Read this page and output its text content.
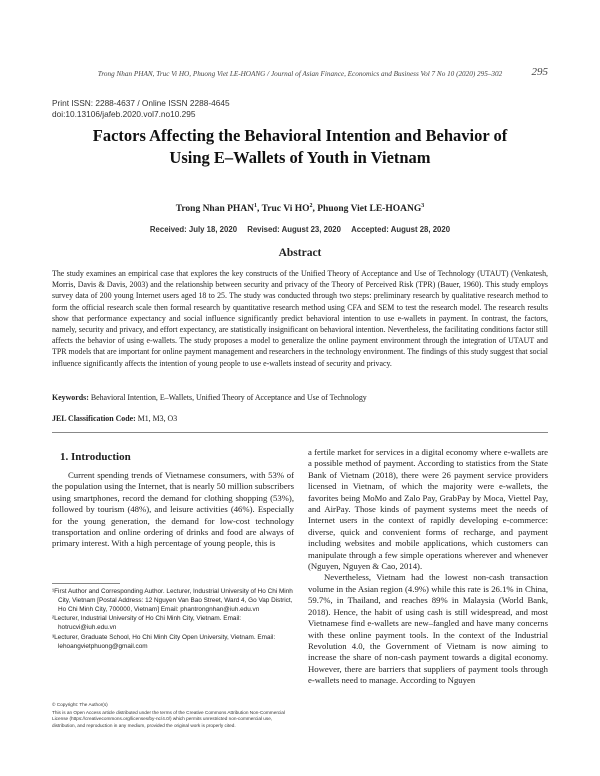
Trong Nhan PHAN, Truc Vi HO, Phuong Viet LE-HOANG / Journal of Asian Finance, Economics and Business Vol 7 No 10 (2020) 295–302	295
Print ISSN: 2288-4637 / Online ISSN 2288-4645
doi:10.13106/jafeb.2020.vol7.no10.295
Factors Affecting the Behavioral Intention and Behavior of
Using E–Wallets of Youth in Vietnam
Trong Nhan PHAN$^1$, Truc Vi $HO^2$, Phuong Viet LE-HOANG$^3$
Received: July 18, 2020 Revised: August 23, 2020 Accepted: August 28, 2020
Abstract
The study examines an empirical case that explores the key constructs of the Unified Theory of Acceptance and Use of Technology (UTAUT) (Venkatesh, Morris, Davis & Davis, 2003) and the relationship between security and privacy of the Theory of Perceived Risk (TPR) (Bauer, 1960). This study employs survey data of 200 young Internet users aged 18 to 25. The study was conducted through two steps: preliminary research by qualitative research method to form the official research scale then formal research by quantitative research method using CFA and SEM to test the research model. The research results show that performance expectancy and social influence significantly predict behavioral intention to use e-wallets in payment. In contrast, the factors, namely, security and privacy, and effort expectancy, are statistically insignificant on behavioral intention. Nevertheless, the facilitating conditions factor still affects the behavior of using e-wallets. The study proposes a model to generalize the online payment environment through the integration of UTAUT and TPR models that are important for online payment management and researchers in the technology environment. The findings of this study suggest that social influence significantly affects the intention of young people to use e-wallets instead of security and privacy.
Keywords: Behavioral Intention, E–Wallets, Unified Theory of Acceptance and Use of Technology
JEL Classification Code: M1, M3, O3
1. Introduction

Current spending trends of Vietnamese consumers, with 53% of the population using the Internet, that is nearly 50 million subscribers using smartphones, record the demand for clothing shopping (53%), followed by tourism (48%), and leisure activities (46%). Especially for the young generation, the demand for low-cost technology transportation and online ordering of drinks and food are always of primary interest. With a high percentage of young people, this is

¹First Author and Corresponding Author. Lecturer, Industrial University of Ho Chi Minh City, Vietnam [Postal Address: 12 Nguyen Van Bao Street, Ward 4, Go Vap District, Ho Chi Minh City, 700000, Vietnam] Email: phantrongnhan@iuh.edu.vn

²Lecturer, Industrial University of Ho Chi Minh City, Vietnam. Email: hotrucvi@iuh.edu.vn

³Lecturer, Graduate School, Ho Chi Minh City Open University, Vietnam. Email: lehoangvietphuong@gmail.com

© Copyright: The Author(s)

This is an Open Access article distributed under the terms of the Creative Commons Attribution Non-Commercial License (https://creativecommons.org/licenses/by-nc/4.0/) which permits unrestricted non-commercial use, distribution, and reproduction in any medium, provided the original work is properly cited.

a fertile market for services in a digital economy where e-wallets are a possible method of payment. According to statistics from the State Bank of Vietnam (2018), there were 26 payment service providers licensed in Vietnam, of which the majority were e-wallets, the favorites being MoMo and Zalo Pay, GrabPay by Moca, Viettel Pay, and AirPay. Those kinds of payment systems meet the needs of Internet users in the context of rapidly developing e-commerce: diverse, quick and convenient forms of recharge, and payment including websites and mobile applications, which customers can manipulate through a few simple operations wherever and whenever (Nguyen, Nguyen & Cao, 2014).

Nevertheless, Vietnam had the lowest non-cash transaction volume in the Asian region (4.9%) while this rate is 26.1% in China, 59.7%, in Thailand, and reaches 89% in Malaysia (World Bank, 2018). Hence, the habit of using cash is still widespread, and most Vietnamese find e-wallets are new–fangled and have many concerns with these online payment tools. In the context of the Industrial Revolution 4.0, the Government of Vietnam is now aiming to increase the share of non-cash payment towards a digital economy. However, there are barriers that suppliers of payment tools through e-wallets need to manage. According to Nguyen
